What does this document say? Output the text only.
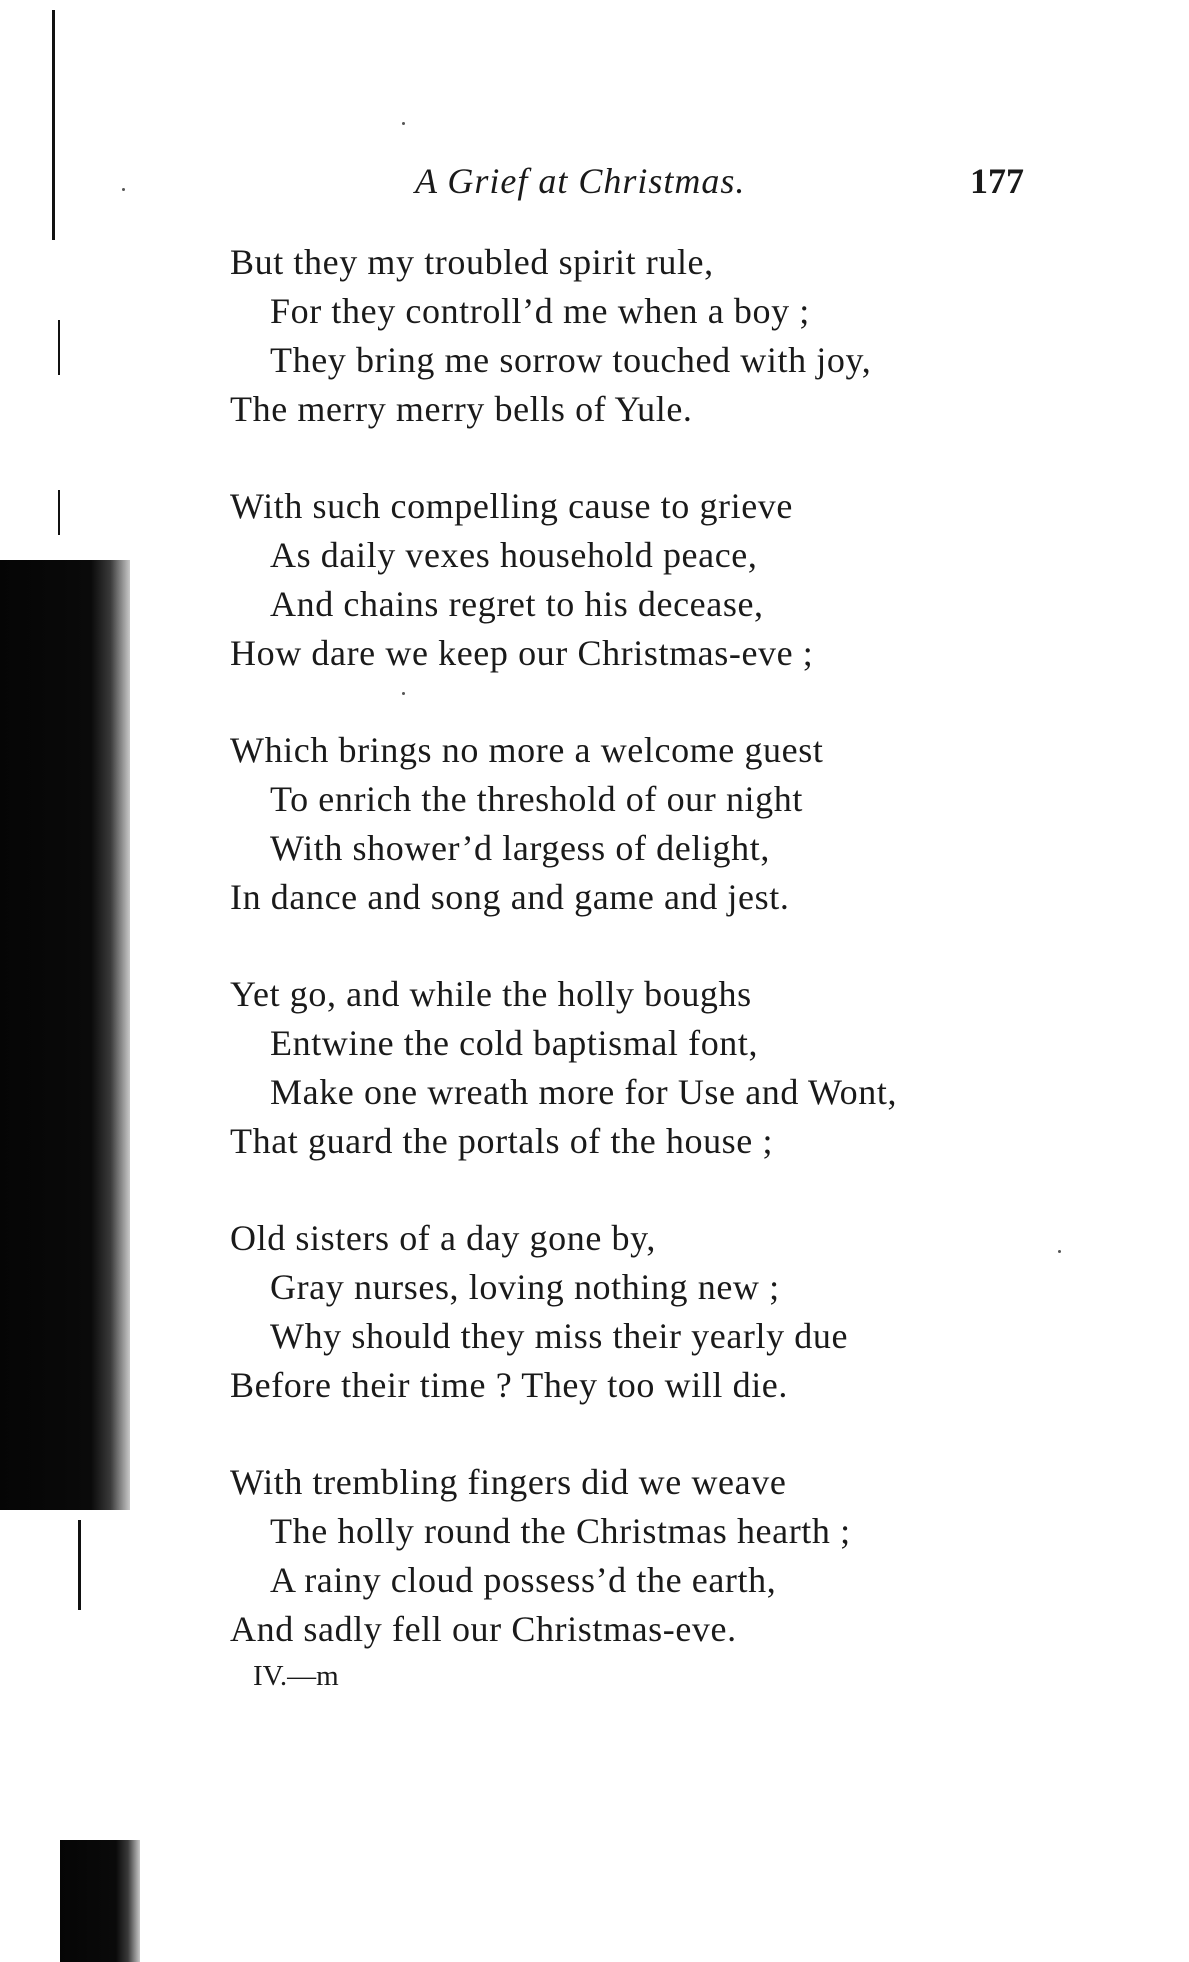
A Grief at Christmas.	177
But they my troubled spirit rule,
For they controll’d me when a boy ;
They bring me sorrow touched with joy,
The merry merry bells of Yule.
With such compelling cause to grieve
As daily vexes household peace,
And chains regret to his decease,
How dare we keep our Christmas-eve ;
Which brings no more a welcome guest
To enrich the threshold of our night
With shower’d largess of delight,
In dance and song and game and jest.
Yet go, and while the holly boughs
Entwine the cold baptismal font,
Make one wreath more for Use and Wont,
That guard the portals of the house ;
Old sisters of a day gone by,
Gray nurses, loving nothing new ;
Why should they miss their yearly due
Before their time ? They too will die.
With trembling fingers did we weave
The holly round the Christmas hearth ;
A rainy cloud possess’d the earth,
And sadly fell our Christmas-eve.
IV.—m
